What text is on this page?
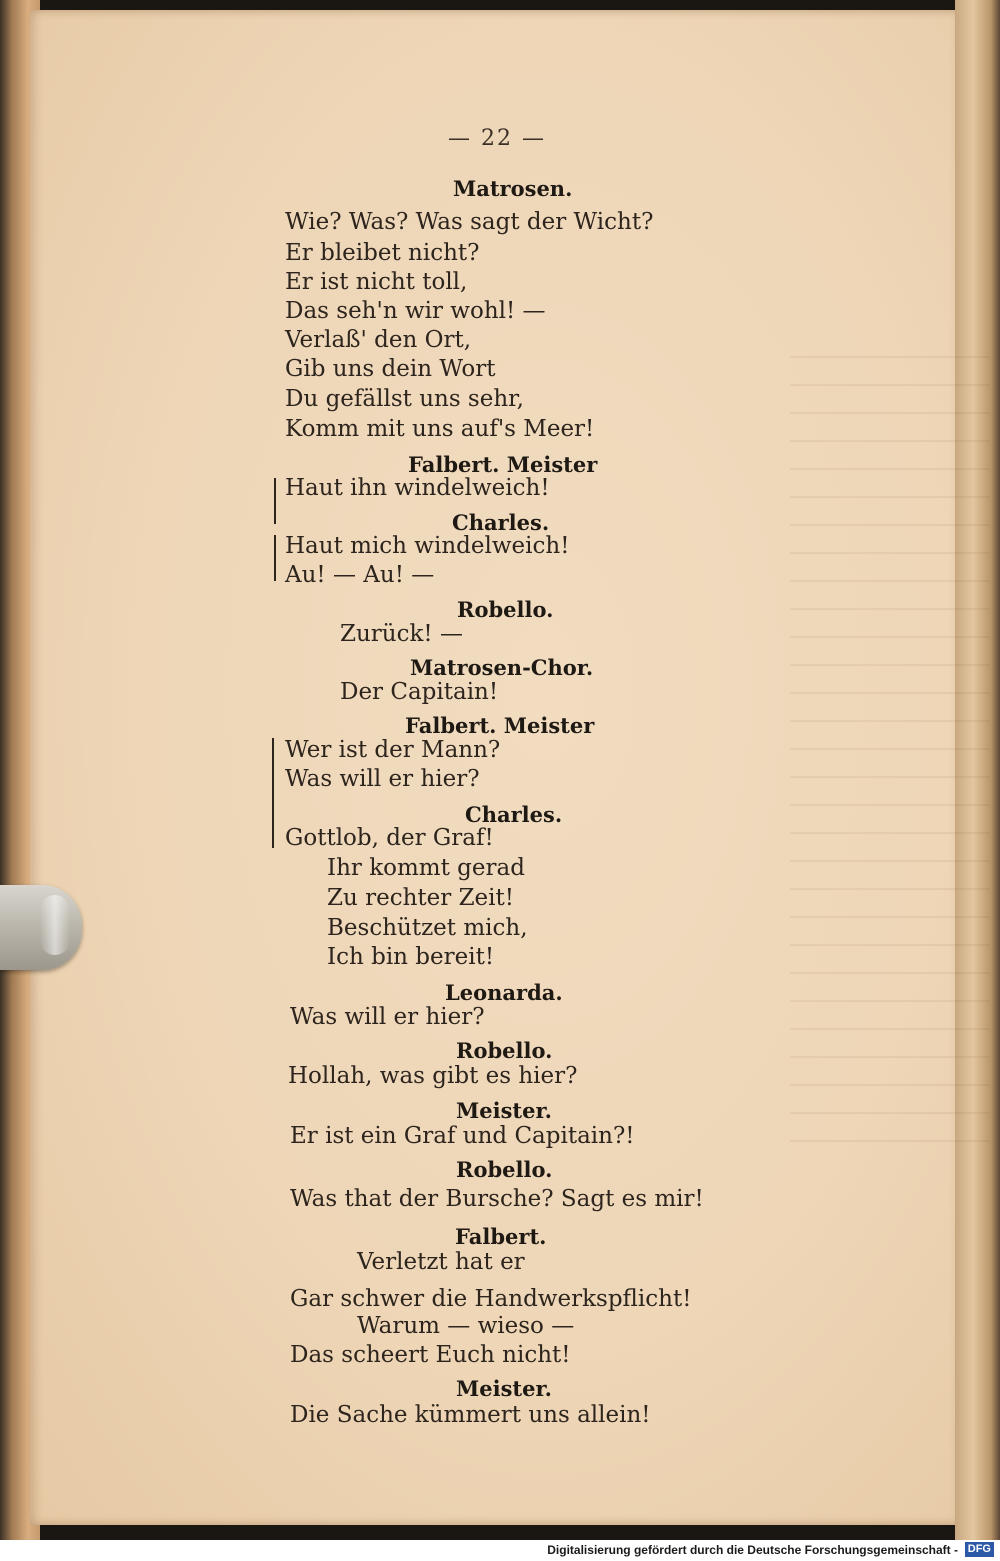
— 22 —
Matrosen.
Wie? Was? Was sagt der Wicht?
Er bleibet nicht?
Er ist nicht toll,
Das seh'n wir wohl! —
Verlaß' den Ort,
Gib uns dein Wort
Du gefällst uns sehr,
Komm mit uns auf's Meer!
Falbert. Meister
Haut ihn windelweich!
Charles.
Haut mich windelweich!
Au! — Au! —
Robello.
Zurück! —
Matrosen-Chor.
Der Capitain!
Falbert. Meister
Wer ist der Mann?
Was will er hier?
Charles.
Gottlob, der Graf!
Ihr kommt gerad
Zu rechter Zeit!
Beschützet mich,
Ich bin bereit!
Leonarda.
Was will er hier?
Robello.
Hollah, was gibt es hier?
Meister.
Er ist ein Graf und Capitain?!
Robello.
Was that der Bursche? Sagt es mir!
Falbert.
Verletzt hat er
Gar schwer die Handwerkspflicht!
Warum — wieso —
Das scheert Euch nicht!
Meister.
Die Sache kümmert uns allein!
Digitalisierung gefördert durch die Deutsche Forschungsgemeinschaft - DFG
